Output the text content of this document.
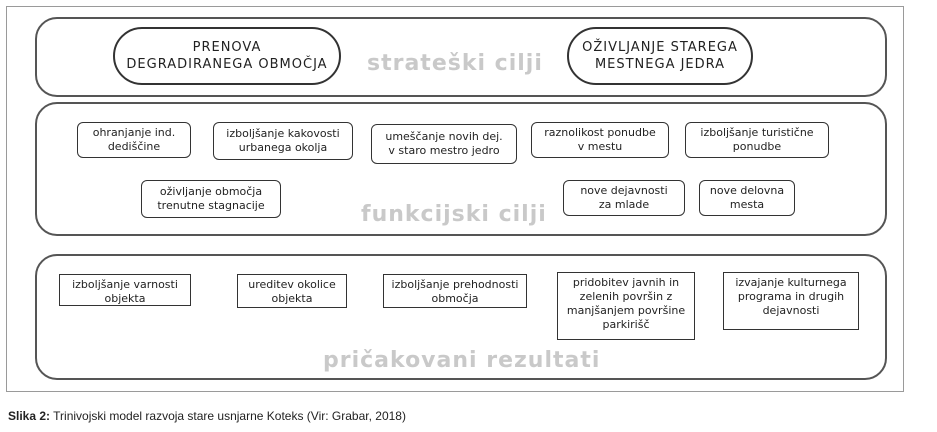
PRENOVA
DEGRADIRANEGA OBMOČJA strateški cilji
OŽIVLJANJE STAREGA
MESTNEGA JEDRA
ohranjanje ind.
dediščine
izboljšanje kakovosti
urbanega okolja
umeščanje novih dej.
v staro mestro jedro
raznolikost ponudbe
v mestu
izboljšanje turistične
ponudbe
oživljanje območja
trenutne stagnacije	funkcijski cilji
nove dejavnosti
za mlade
nove delovna
mesta
izboljšanje varnosti
objekta
ureditev okolice
objekta
izboljšanje prehodnosti
območja
pridobitev javnih in
zelenih površin z
manjšanjem površine
parkirišč
izvajanje kulturnega
programa in drugih
dejavnosti
pričakovani rezultati
Slika 2: Trinivojski model razvoja stare usnjarne Koteks (Vir: Grabar, 2018)
